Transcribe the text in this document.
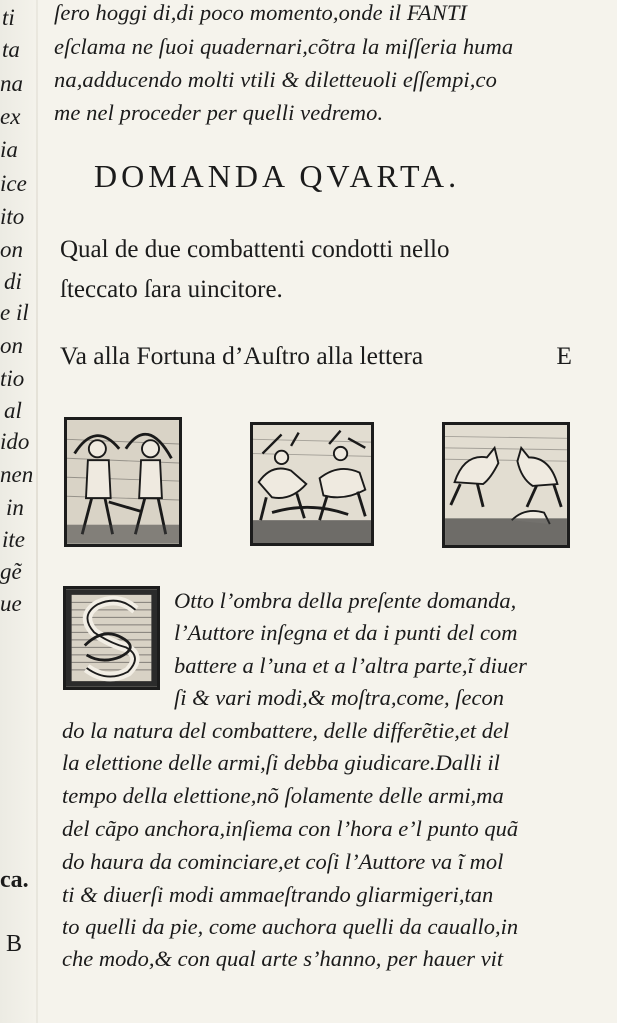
ti
ta
na
ex
ia
ice
ito
on
di
e il
on
tio
al
ido
nen
in
ite
gẽ
ue
ca.
B
ſero hoggi di,di poco momento,onde il FANTI
eſclama ne ſuoi quadernari,cõtra la miſſeria huma
na,adducendo molti vtili & diletteuoli eſſempi,co
me nel proceder per quelli vedremo.
DOMANDA QVARTA.
Qual de due combattenti condotti nello
ſteccato ſara uincitore.
Va alla Fortuna d’Auſtro alla lettera	E
Otto l’ombra della preſente domanda,
l’Auttore inſegna et da i punti del com
battere a l’una et a l’altra parte,ĩ diuer
ſi & vari modi,& moſtra,come, ſecon
do la natura del combattere, delle differẽtie,et del
la elettione delle armi,ſi debba giudicare.Dalli il
tempo della elettione,nõ ſolamente delle armi,ma
del cãpo anchora,inſiema con l’hora e’l punto quã
do haura da cominciare,et coſi l’Auttore va ĩ mol
ti & diuerſi modi ammaeſtrando gliarmigeri,tan
to quelli da pie, come auchora quelli da cauallo,in
che modo,& con qual arte s’hanno, per hauer vit
